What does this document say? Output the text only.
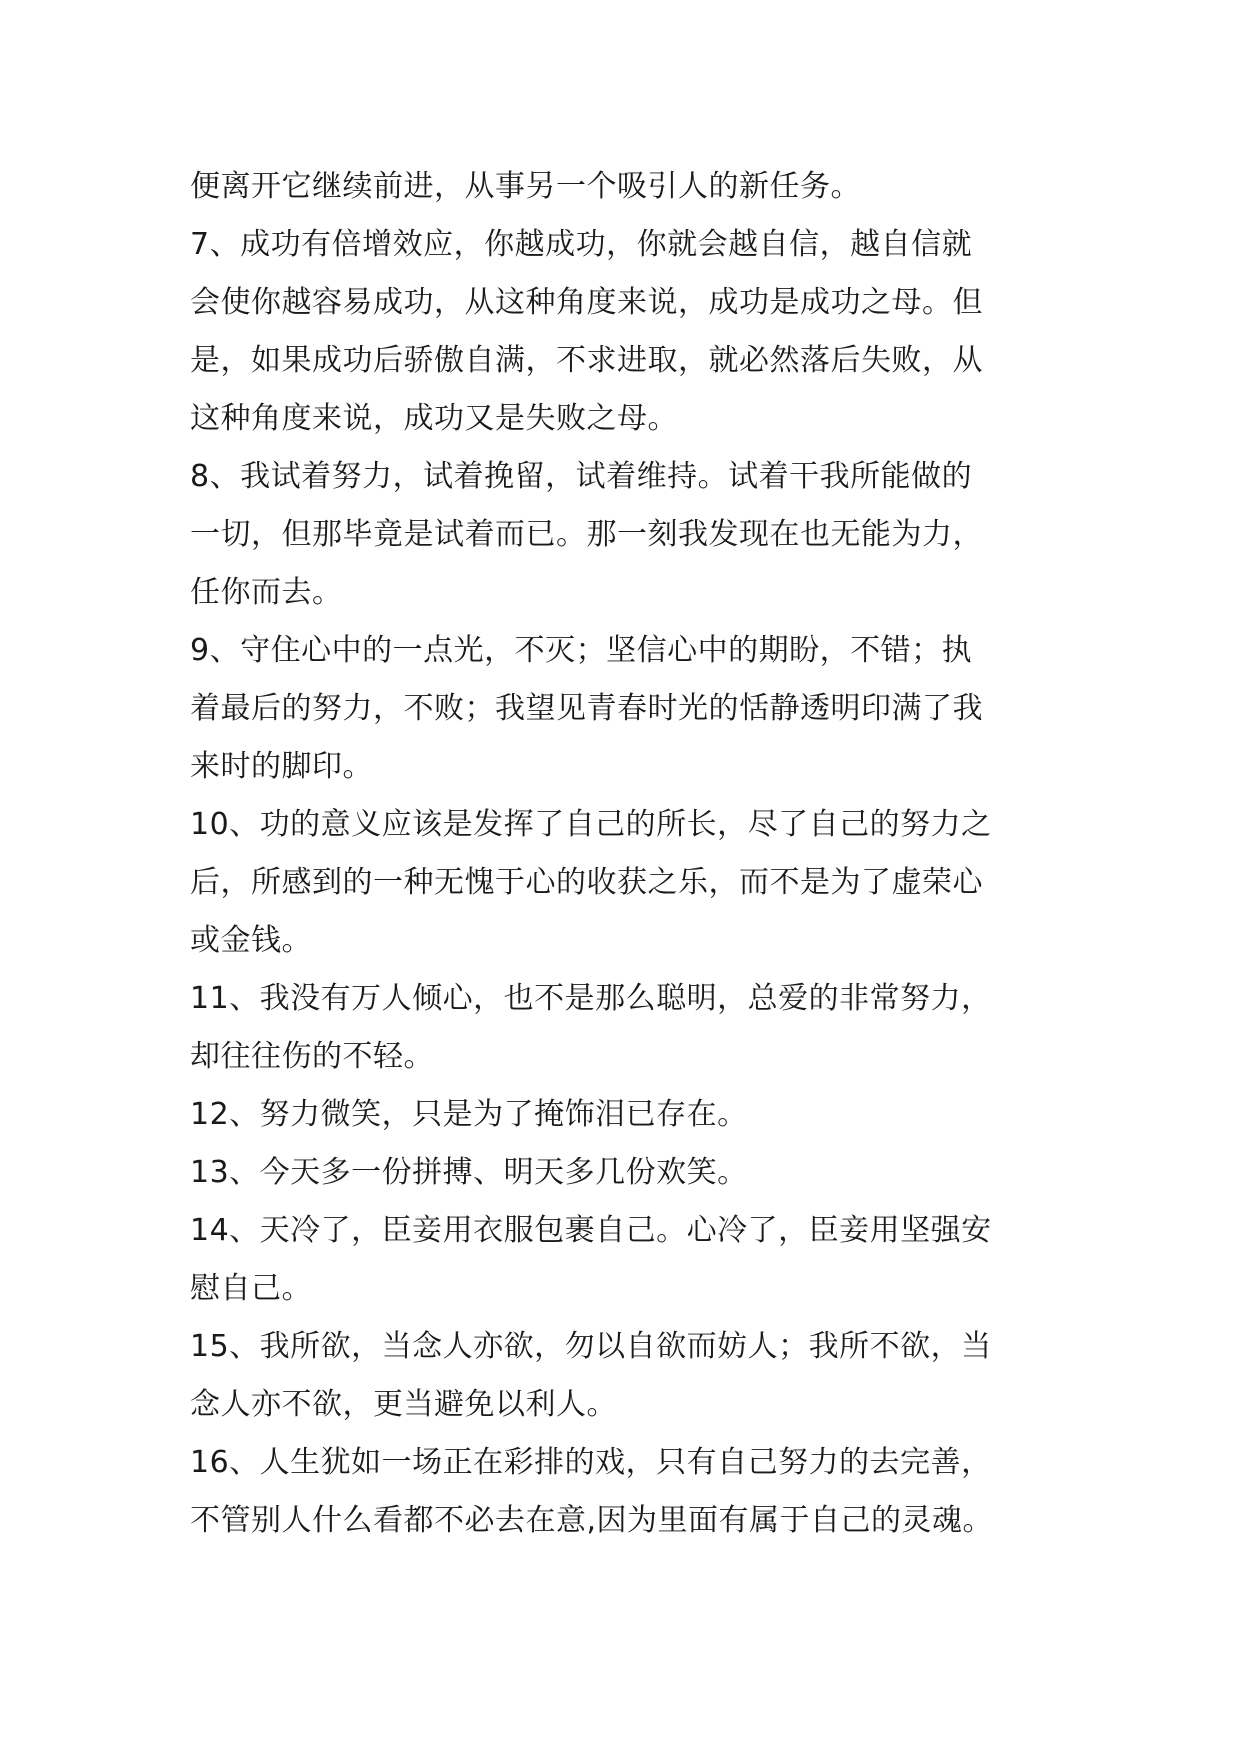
便离开它继续前进，从事另一个吸引人的新任务。
7、成功有倍增效应，你越成功，你就会越自信，越自信就
会使你越容易成功，从这种角度来说，成功是成功之母。但
是，如果成功后骄傲自满，不求进取，就必然落后失败，从
这种角度来说，成功又是失败之母。
8、我试着努力，试着挽留，试着维持。试着干我所能做的
一切，但那毕竟是试着而已。那一刻我发现在也无能为力，
任你而去。
9、守住心中的一点光，不灭；坚信心中的期盼，不错；执
着最后的努力，不败；我望见青春时光的恬静透明印满了我
来时的脚印。
10、功的意义应该是发挥了自己的所长，尽了自己的努力之
后，所感到的一种无愧于心的收获之乐，而不是为了虚荣心
或金钱。
11、我没有万人倾心，也不是那么聪明，总爱的非常努力，
却往往伤的不轻。
12、努力微笑，只是为了掩饰泪已存在。
13、今天多一份拼搏、明天多几份欢笑。
14、天冷了，臣妾用衣服包裹自己。心冷了，臣妾用坚强安
慰自己。
15、我所欲，当念人亦欲，勿以自欲而妨人；我所不欲，当
念人亦不欲，更当避免以利人。
16、人生犹如一场正在彩排的戏，只有自己努力的去完善，
不管别人什么看都不必去在意,因为里面有属于自己的灵魂。
